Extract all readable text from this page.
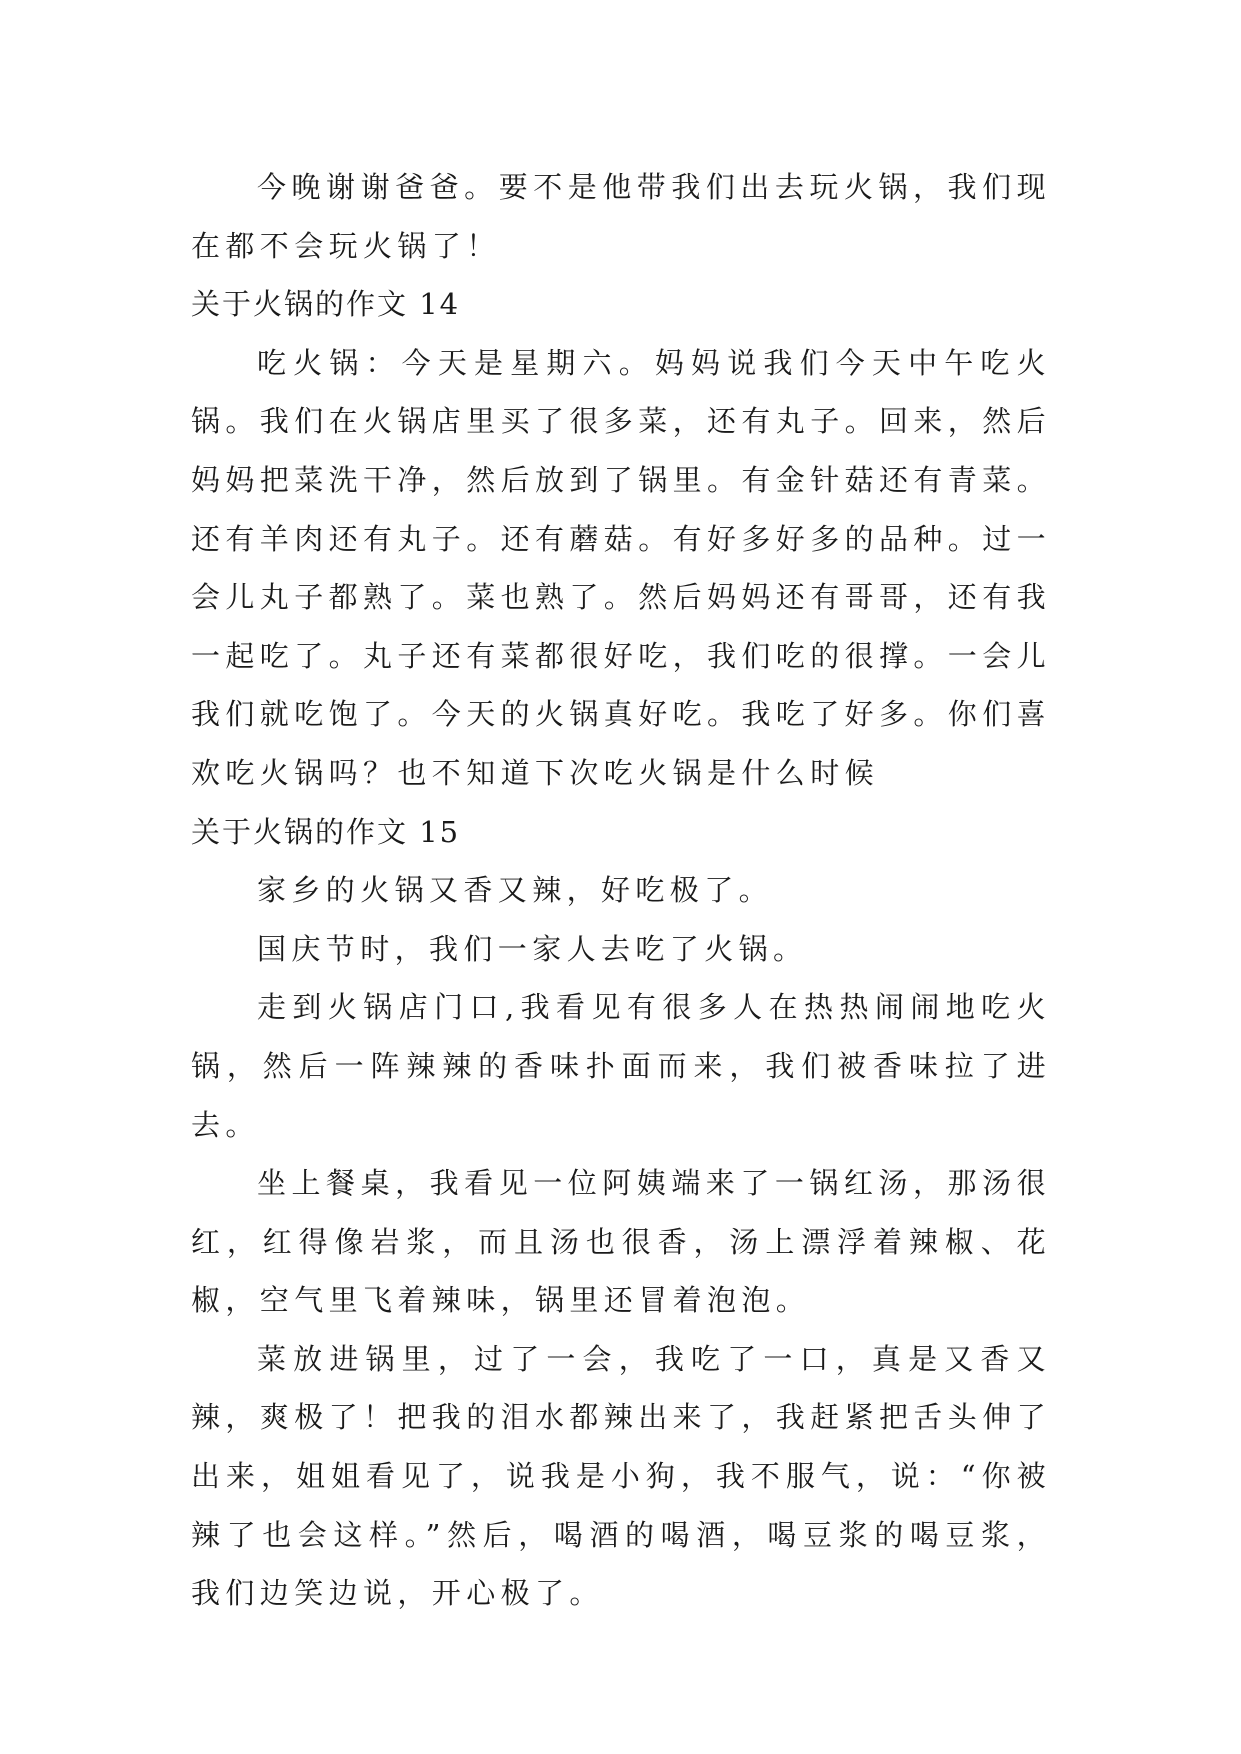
今晚谢谢爸爸。要不是他带我们出去玩火锅，我们现在都不会玩火锅了！

关于火锅的作文 14

吃火锅：今天是星期六。妈妈说我们今天中午吃火锅。我们在火锅店里买了很多菜，还有丸子。回来，然后妈妈把菜洗干净，然后放到了锅里。有金针菇还有青菜。还有羊肉还有丸子。还有蘑菇。有好多好多的品种。过一会儿丸子都熟了。菜也熟了。然后妈妈还有哥哥，还有我一起吃了。丸子还有菜都很好吃，我们吃的很撑。一会儿我们就吃饱了。今天的火锅真好吃。我吃了好多。你们喜欢吃火锅吗？也不知道下次吃火锅是什么时候

关于火锅的作文 15

家乡的火锅又香又辣，好吃极了。

国庆节时，我们一家人去吃了火锅。

走到火锅店门口,我看见有很多人在热热闹闹地吃火锅，然后一阵辣辣的香味扑面而来，我们被香味拉了进去。

坐上餐桌，我看见一位阿姨端来了一锅红汤，那汤很红，红得像岩浆，而且汤也很香，汤上漂浮着辣椒、花椒，空气里飞着辣味，锅里还冒着泡泡。

菜放进锅里，过了一会，我吃了一口，真是又香又辣，爽极了！把我的泪水都辣出来了，我赶紧把舌头伸了出来，姐姐看见了，说我是小狗，我不服气，说：“你被辣了也会这样。”然后，喝酒的喝酒，喝豆浆的喝豆浆，我们边笑边说，开心极了。
